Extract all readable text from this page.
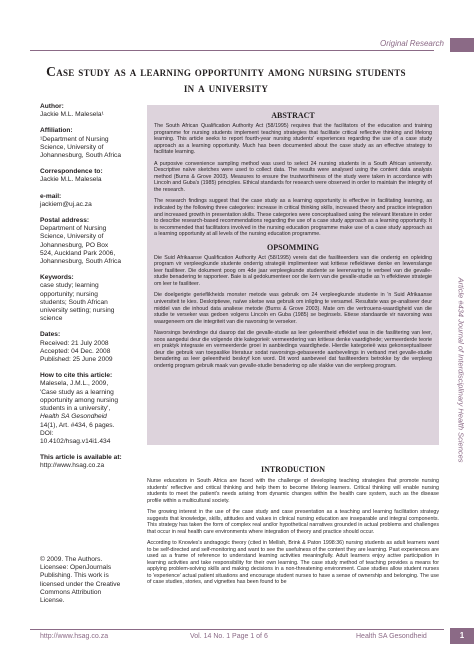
Original Research
Case study as a learning opportunity among nursing students in a university
Author:
Jackie M.L. Malesela¹
Affiliation:
¹Department of Nursing Science, University of Johannesburg, South Africa
Correspondence to:
Jackie M.L. Malesela
e-mail:
jackiem@uj.ac.za
Postal address:
Department of Nursing Science, University of Johannesburg, PO Box 524, Auckland Park 2006, Johannesburg, South Africa
Keywords:
case study; learning opportunity; nursing students; South African university setting; nursing science
Dates:
Received: 21 July 2008
Accepted: 04 Dec. 2008
Published: 25 June 2009
How to cite this article:
Malesela, J.M.L., 2009, 'Case study as a learning opportunity among nursing students in a university', Health SA Gesondheid 14(1), Art. #434, 6 pages. DOI: 10.4102/hsag.v14i1.434
This article is available at:
http://www.hsag.co.za
© 2009. The Authors. Licensee: OpenJournals Publishing. This work is licensed under the Creative Commons Attribution License.
ABSTRACT

The South African Qualification Authority Act (58/1995) requires that the facilitators of the education and training programme for nursing students implement teaching strategies that facilitate critical reflective thinking and lifelong learning. This article seeks to report fourth-year nursing students' experiences regarding the use of a case study approach as a learning opportunity. Much has been documented about the case study as an effective strategy to facilitate learning.

A purposive convenience sampling method was used to select 24 nursing students in a South African university. Descriptive naïve sketches were used to collect data. The results were analysed using the content data analysis method (Burns & Grove 2003). Measures to ensure the trustworthiness of the study were taken in accordance with Lincoln and Guba's (1985) principles. Ethical standards for research were observed in order to maintain the integrity of the research.

The research findings suggest that the case study as a learning opportunity is effective in facilitating learning, as indicated by the following three categories: increase in critical thinking skills, increased theory and practice integration and increased growth in presentation skills. These categories were conceptualised using the relevant literature in order to describe research-based recommendations regarding the use of a case study approach as a learning opportunity. It is recommended that facilitators involved in the nursing education programme make use of a case study approach as a learning opportunity at all levels of the nursing education programme.

OPSOMMING

Die Suid Afrikaanse Qualification Authority Act (58/1995) vereis dat die fasiliteerders van die onderrig en opleiding program vir verpleegkunde studente onderrig strategië implimenteer wat kritiese reflektiewe denke en lewenslange leer fasiliteer. Die dokument poog om 4de jaar verpleegkunde studente se leerervaring te verbeel van die gevalle-studie benadering te rapporteer. Baie is al gedokumenteer oor die kern van die gevalle-studie as 'n effektiewe strategie om leer te fasiliteer.

Die doelgerigte gerieflikheids monster metode was gebruik om 24 verpleegkunde studente in 'n Suid Afrikaanse universiteit te kies. Deskriptiewe, naïwe sketse was gebruik om inligting te versamel. Resultate was ge-analiseer deur middel van die inhoud data analiese metode (Burns & Grove 2003). Mate om die vertrouens-waardigheid van die studie te verseker was gedoen volgens Lincoln en Guba (1985) se beginsels. Etiese standaarde vir navorsing was waargeneem om die integriteit van die navorsing te verseker.

Navorsings bevindinge dui daarop dat die gevalle-studie as leer geleentheid effektief was in die fasilitering van leer, soos aangedui deur die volgende drie kategorieë: vermeerdering van kritiese denke vaardighede; vermeerderde teorie en praktyk integrasie en vermeerderde groei in aanbiedings vaardighede. Hierdie kategorieë was gekonseptualiseer deur die gebruik van toepaslike literatuur sodat navorsings-gebaseerde aanbevelings in verband met gevalle-studie benadering as leer geleentheid beskryf kon word. Dit word aanbeveel dat fasiliteerders betrokke by die verpleeg onderrig program gebruik maak van gevalle-studie benadering op alle vlakke van die verpleeg program.

Article #434 Journal of Interdisciplinary Health Sciences
INTRODUCTION

Nurse educators in South Africa are faced with the challenge of developing teaching strategies that promote nursing students' reflective and critical thinking and help them to become lifelong learners. Critical thinking will enable nursing students to meet the patient's needs arising from dynamic changes within the health care system, such as the disease profile within a multicultural society.

The growing interest in the use of the case study and case presentation as a teaching and learning facilitation strategy suggests that knowledge, skills, attitudes and values in clinical nursing education are inseparable and integral components. This strategy has taken the form of complex real and/or hypothetical narratives grounded in actual problems and challenges that occur in real health care environments where integration of theory and practice should occur.

According to Knowles's andragogic theory (cited in Mellish, Brink & Paton 1998:36) nursing students as adult learners want to be self-directed and self-monitoring and want to see the usefulness of the content they are learning. Past experiences are used as a frame of reference to understand learning activities meaningfully. Adult learners enjoy active participation in learning activities and take responsibility for their own learning. The case study method of teaching provides a means for applying problem-solving skills and making decisions in a non-threatening environment. Case studies allow student nurses to 'experience' actual patient situations and encourage student nurses to have a sense of ownership and belonging. The use of case studies, stories, and vignettes has been found to be

http://www.hsag.co.za	Vol. 14 No. 1 Page 1 of 6	Health SA Gesondheid	1
